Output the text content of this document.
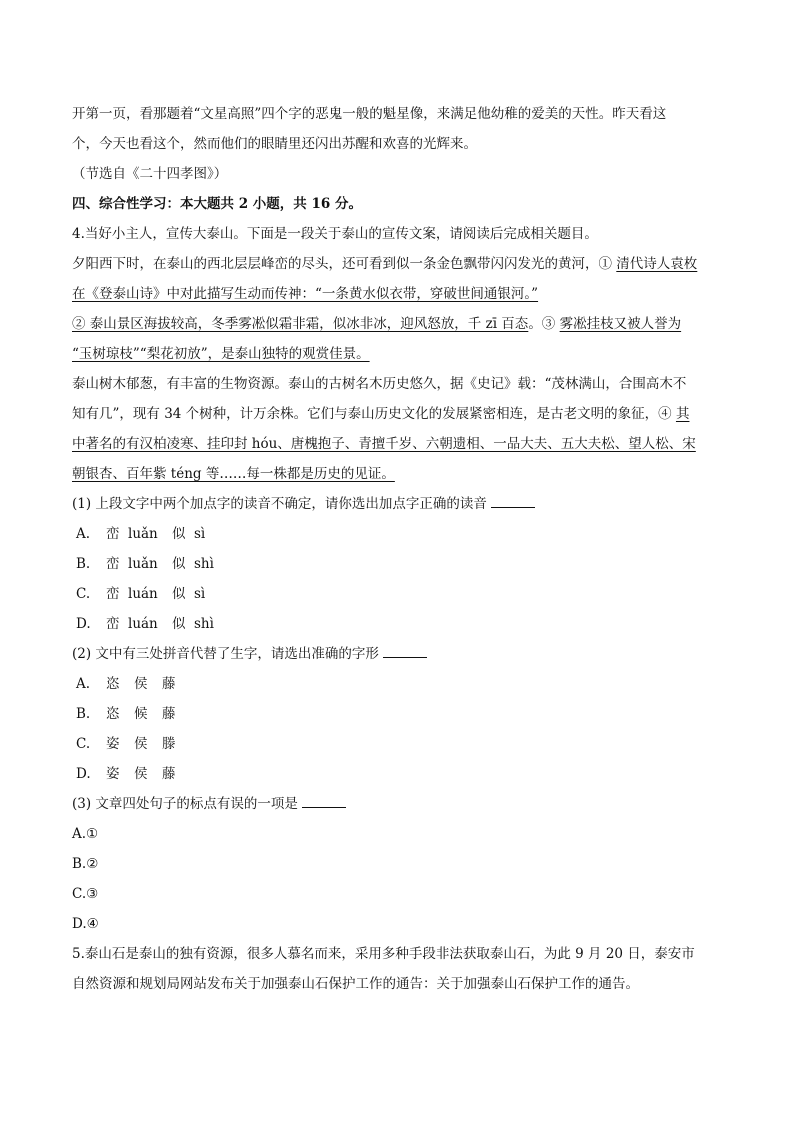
开第一页，看那题着“文星高照”四个字的恶鬼一般的魁星像，来满足他幼稚的爱美的天性。昨天看这
个，今天也看这个，然而他们的眼睛里还闪出苏醒和欢喜的光辉来。
（节选自《二十四孝图》）
四、综合性学习：本大题共 2 小题，共 16 分。
4.当好小主人，宣传大泰山。下面是一段关于泰山的宣传文案，请阅读后完成相关题目。
夕阳西下时，在泰山的西北层层峰峦的尽头，还可看到似一条金色飘带闪闪发光的黄河，① 清代诗人袁枚
在《登泰山诗》中对此描写生动而传神：“一条黄水似衣带，穿破世间通银河。”
② 泰山景区海拔较高，冬季雾凇似霜非霜，似冰非冰，迎风怒放，千 zī 百态。③ 雾凇挂枝又被人誉为
“玉树琼枝”“梨花初放”，是泰山独特的观赏佳景。
泰山树木郁葱，有丰富的生物资源。泰山的古树名木历史悠久，据《史记》载：“茂林满山，合围高木不
知有几”，现有 34 个树种，计万余株。它们与泰山历史文化的发展紧密相连，是古老文明的象征，④ 其
中著名的有汉柏凌寒、挂印封 hóu、唐槐抱子、青擅千岁、六朝遗相、一品大夫、五大夫松、望人松、宋
朝银杏、百年紫 téng 等……每一株都是历史的见证。
(1) 上段文字中两个加点字的读音不确定，请你选出加点字正确的读音
A. 峦 luǎn 似 sì
B. 峦 luǎn 似 shì
C. 峦 luán 似 sì
D. 峦 luán 似 shì
(2) 文中有三处拼音代替了生字，请选出准确的字形
A. 恣 侯 藤
B. 恣 候 藤
C. 姿 侯 滕
D. 姿 侯 藤
(3) 文章四处句子的标点有误的一项是
A.①
B.②
C.③
D.④
5.泰山石是泰山的独有资源，很多人慕名而来，采用多种手段非法获取泰山石，为此 9 月 20 日，泰安市
自然资源和规划局网站发布关于加强泰山石保护工作的通告：关于加强泰山石保护工作的通告。
